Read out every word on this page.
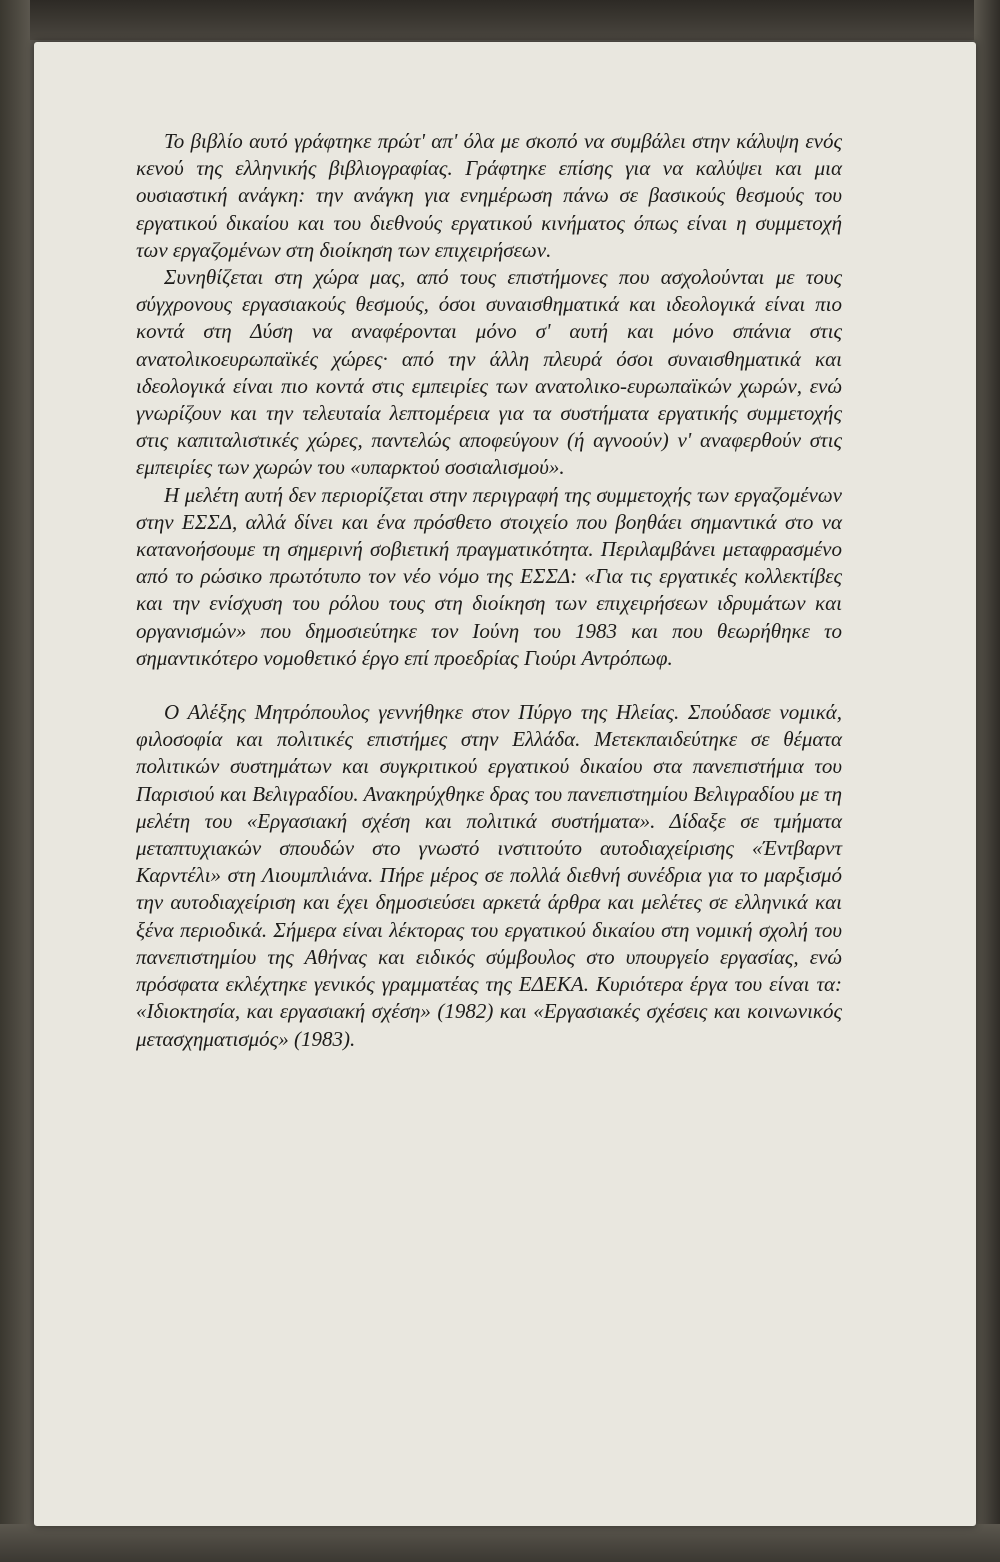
Το βιβλίο αυτό γράφτηκε πρώτ' απ' όλα με σκοπό να συμβάλει στην κάλυψη ενός κενού της ελληνικής βιβλιογραφίας. Γράφτηκε επίσης για να καλύψει και μια ουσιαστική ανάγκη: την ανάγκη για ενημέρωση πάνω σε βασικούς θεσμούς του εργατικού δικαίου και του διεθνούς εργατικού κινήματος όπως είναι η συμμετοχή των εργαζομένων στη διοίκηση των επιχειρήσεων.

Συνηθίζεται στη χώρα μας, από τους επιστήμονες που ασχολούνται με τους σύγχρονους εργασιακούς θεσμούς, όσοι συναισθηματικά και ιδεολογικά είναι πιο κοντά στη Δύση να αναφέρονται μόνο σ' αυτή και μόνο σπάνια στις ανατολικοευρωπαϊκές χώρες· από την άλλη πλευρά όσοι συναισθηματικά και ιδεολογικά είναι πιο κοντά στις εμπειρίες των ανατολικο-ευρωπαϊκών χωρών, ενώ γνωρίζουν και την τελευταία λεπτομέρεια για τα συστήματα εργατικής συμμετοχής στις καπιταλιστικές χώρες, παντελώς αποφεύγουν (ή αγνοούν) ν' αναφερθούν στις εμπειρίες των χωρών του «υπαρκτού σοσιαλισμού».

Η μελέτη αυτή δεν περιορίζεται στην περιγραφή της συμμετοχής των εργαζομένων στην ΕΣΣΔ, αλλά δίνει και ένα πρόσθετο στοιχείο που βοηθάει σημαντικά στο να κατανοήσουμε τη σημερινή σοβιετική πραγματικότητα. Περιλαμβάνει μεταφρασμένο από το ρώσικο πρωτότυπο τον νέο νόμο της ΕΣΣΔ: «Για τις εργατικές κολλεκτίβες και την ενίσχυση του ρόλου τους στη διοίκηση των επιχειρήσεων ιδρυμάτων και οργανισμών» που δημοσιεύτηκε τον Ιούνη του 1983 και που θεωρήθηκε το σημαντικότερο νομοθετικό έργο επί προεδρίας Γιούρι Αντρόπωφ.

Ο Αλέξης Μητρόπουλος γεννήθηκε στον Πύργο της Ηλείας. Σπούδασε νομικά, φιλοσοφία και πολιτικές επιστήμες στην Ελλάδα. Μετεκπαιδεύτηκε σε θέματα πολιτικών συστημάτων και συγκριτικού εργατικού δικαίου στα πανεπιστήμια του Παρισιού και Βελιγραδίου. Ανακηρύχθηκε δρας του πανεπιστημίου Βελιγραδίου με τη μελέτη του «Εργασιακή σχέση και πολιτικά συστήματα». Δίδαξε σε τμήματα μεταπτυχιακών σπουδών στο γνωστό ινστιτούτο αυτοδιαχείρισης «Έντβαρντ Καρντέλι» στη Λιουμπλιάνα. Πήρε μέρος σε πολλά διεθνή συνέδρια για το μαρξισμό την αυτοδιαχείριση και έχει δημοσιεύσει αρκετά άρθρα και μελέτες σε ελληνικά και ξένα περιοδικά. Σήμερα είναι λέκτορας του εργατικού δικαίου στη νομική σχολή του πανεπιστημίου της Αθήνας και ειδικός σύμβουλος στο υπουργείο εργασίας, ενώ πρόσφατα εκλέχτηκε γενικός γραμματέας της ΕΔΕΚΑ. Κυριότερα έργα του είναι τα: «Ιδιοκτησία, και εργασιακή σχέση» (1982) και «Εργασιακές σχέσεις και κοινωνικός μετασχηματισμός» (1983).
